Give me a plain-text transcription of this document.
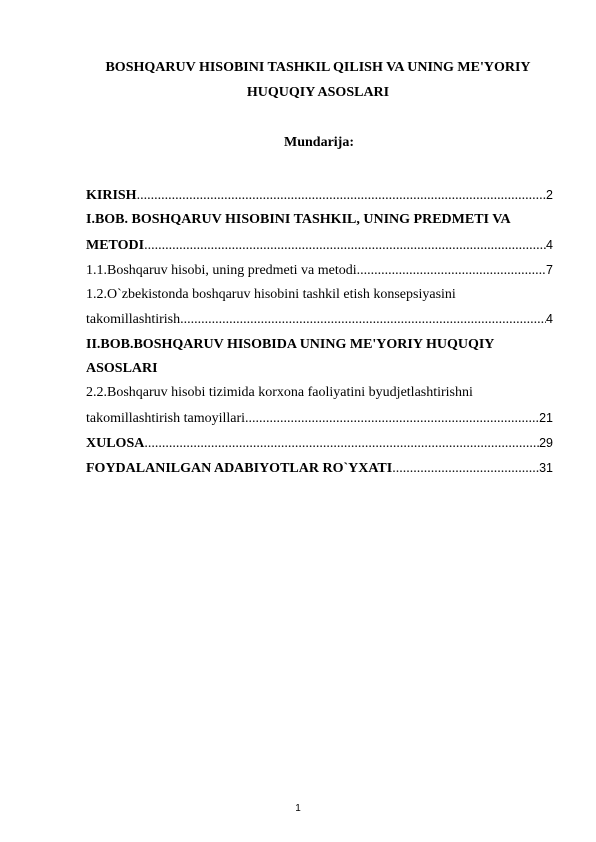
BOSHQARUV HISOBINI TASHKIL QILISH VA UNING ME'YORIY HUQUQIY ASOSLARI
Mundarija:
KIRISH .....	2
I.BOB. BOSHQARUV HISOBINI TASHKIL, UNING PREDMETI VA
METODI .....	4
1.1.Boshqaruv hisobi, uning predmeti va metodi .....	7
1.2.O`zbekistonda boshqaruv hisobini tashkil etish konsepsiyasini
takomillashtirish .....	4
II.BOB.BOSHQARUV HISOBIDA UNING ME'YORIY HUQUQIY
ASOSLARI
2.2.Boshqaruv hisobi tizimida korxona faoliyatini byudjetlashtirishni
takomillashtirish tamoyillari .....	21
XULOSA .....	29
FOYDALANILGAN ADABIYOTLAR RO`YXATI .....	31
1
